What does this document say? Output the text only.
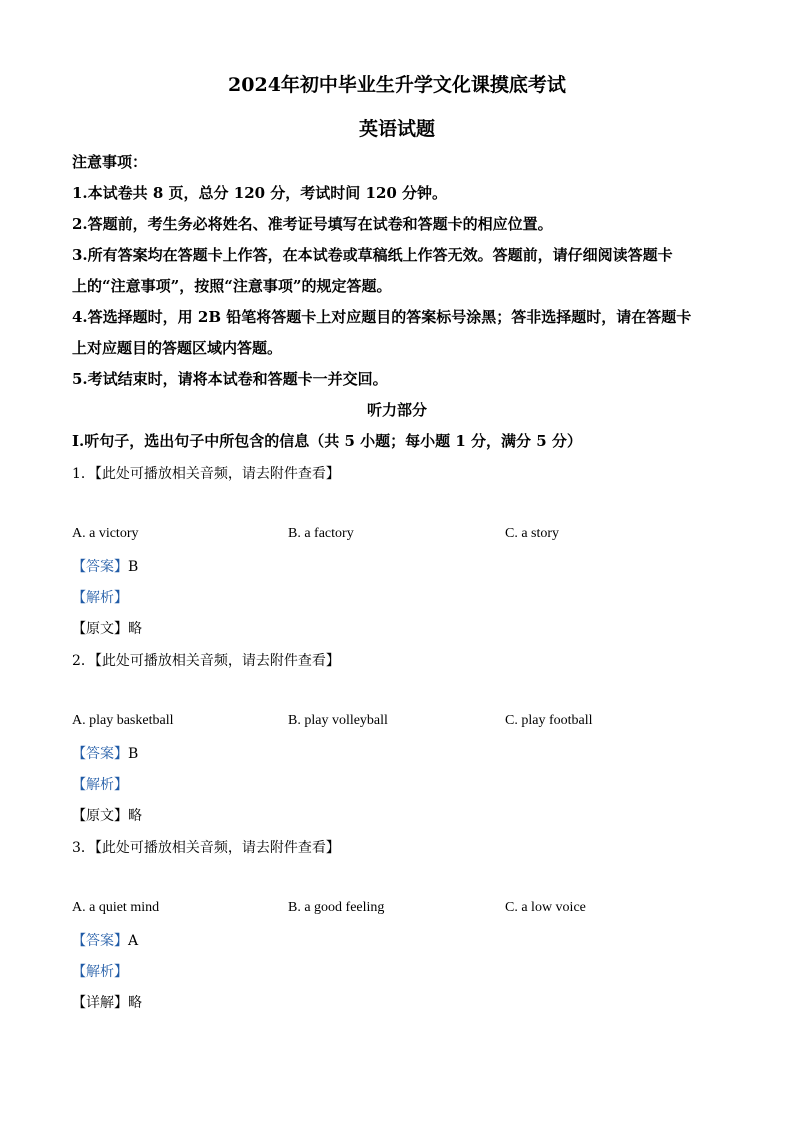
2024年初中毕业生升学文化课摸底考试
英语试题
注意事项：
1.本试卷共 8 页，总分 120 分，考试时间 120 分钟。
2.答题前，考生务必将姓名、准考证号填写在试卷和答题卡的相应位置。
3.所有答案均在答题卡上作答，在本试卷或草稿纸上作答无效。答题前，请仔细阅读答题卡
上的“注意事项”，按照“注意事项”的规定答题。
4.答选择题时，用 2B 铅笔将答题卡上对应题目的答案标号涂黑；答非选择题时，请在答题卡
上对应题目的答题区域内答题。
5.考试结束时，请将本试卷和答题卡一并交回。
听力部分
I.听句子，选出句子中所包含的信息（共 5 小题；每小题 1 分，满分 5 分）
1．【此处可播放相关音频，请去附件查看】
A. a victory	B. a factory	C. a story
【答案】B
【解析】
【原文】略
2．【此处可播放相关音频，请去附件查看】
A. play basketball	B. play volleyball	C. play football
【答案】B
【解析】
【原文】略
3．【此处可播放相关音频，请去附件查看】
A. a quiet mind	B. a good feeling	C. a low voice
【答案】A
【解析】
【详解】略
